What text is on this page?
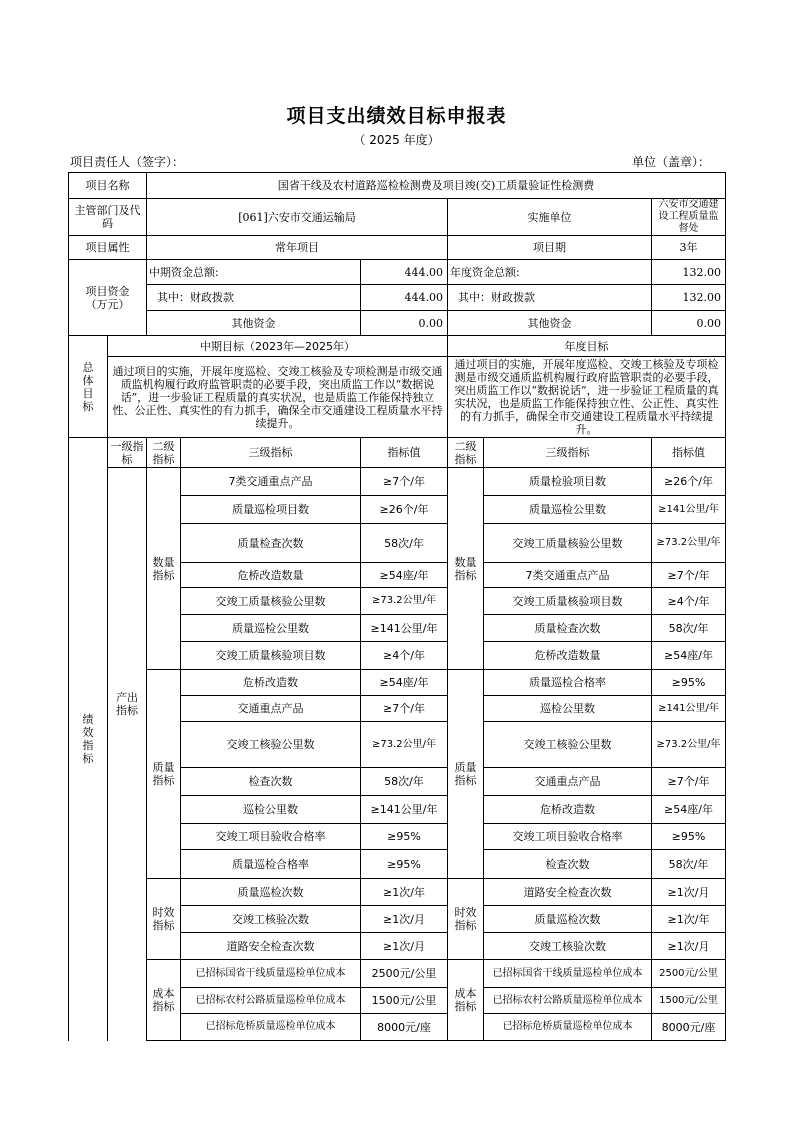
项目支出绩效目标申报表
（ 2025 年度）
项目责任人（签字）：	单位（盖章）：
项目名称		国省干线及农村道路巡检检测费及项目竣(交)工质量验证性检测费					
主管部门及代码		[061]六安市交通运输局			实施单位		六安市交通建设工程质量监督处
项目属性		常年项目			项目期		3年
项目资金（万元）		中期资金总额:		444.00	年度资金总额:		132.00
		其中：财政拨款		444.00	其中：财政拨款		132.00
		其他资金		0.00	其他资金		0.00
总体目标	中期目标（2023年—2025年）				年度目标		
	通过项目的实施，开展年度巡检、交竣工核验及专项检测是市级交通质监机构履行政府监管职责的必要手段，突出质监工作以“数据说话”，进一步验证工程质量的真实状况，也是质监工作能保持独立性、公正性、真实性的有力抓手，确保全市交通建设工程质量水平持续提升。				通过项目的实施，开展年度巡检、交竣工核验及专项检测是市级交通质监机构履行政府监管职责的必要手段，突出质监工作以“数据说话”，进一步验证工程质量的真实状况，也是质监工作能保持独立性、公正性、真实性的有力抓手，确保全市交通建设工程质量水平持续提升。		
绩效指标	一级指标	二级指标	三级指标	指标值	二级指标	三级指标	指标值
	产出指标	数量指标	7类交通重点产品	≥7个/年	数量指标	质量检验项目数	≥26个/年
			质量巡检项目数	≥26个/年		质量巡检公里数	≥141公里/年
			质量检查次数	58次/年		交竣工质量核验公里数	≥73.2公里/年
			危桥改造数量	≥54座/年		7类交通重点产品	≥7个/年
			交竣工质量核验公里数	≥73.2公里/年		交竣工质量核验项目数	≥4个/年
			质量巡检公里数	≥141公里/年		质量检查次数	58次/年
			交竣工质量核验项目数	≥4个/年		危桥改造数量	≥54座/年
		质量指标	危桥改造数	≥54座/年	质量指标	质量巡检合格率	≥95%
			交通重点产品	≥7个/年		巡检公里数	≥141公里/年
			交竣工核验公里数	≥73.2公里/年		交竣工核验公里数	≥73.2公里/年
			检查次数	58次/年		交通重点产品	≥7个/年
			巡检公里数	≥141公里/年		危桥改造数	≥54座/年
			交竣工项目验收合格率	≥95%		交竣工项目验收合格率	≥95%
			质量巡检合格率	≥95%		检查次数	58次/年
		时效指标	质量巡检次数	≥1次/年	时效指标	道路安全检查次数	≥1次/月
			交竣工核验次数	≥1次/月		质量巡检次数	≥1次/年
			道路安全检查次数	≥1次/月		交竣工核验次数	≥1次/月
		成本指标	已招标国省干线质量巡检单位成本	2500元/公里	成本指标	已招标国省干线质量巡检单位成本	2500元/公里
			已招标农村公路质量巡检单位成本	1500元/公里		已招标农村公路质量巡检单位成本	1500元/公里
			已招标危桥质量巡检单位成本	8000元/座		已招标危桥质量巡检单位成本	8000元/座
